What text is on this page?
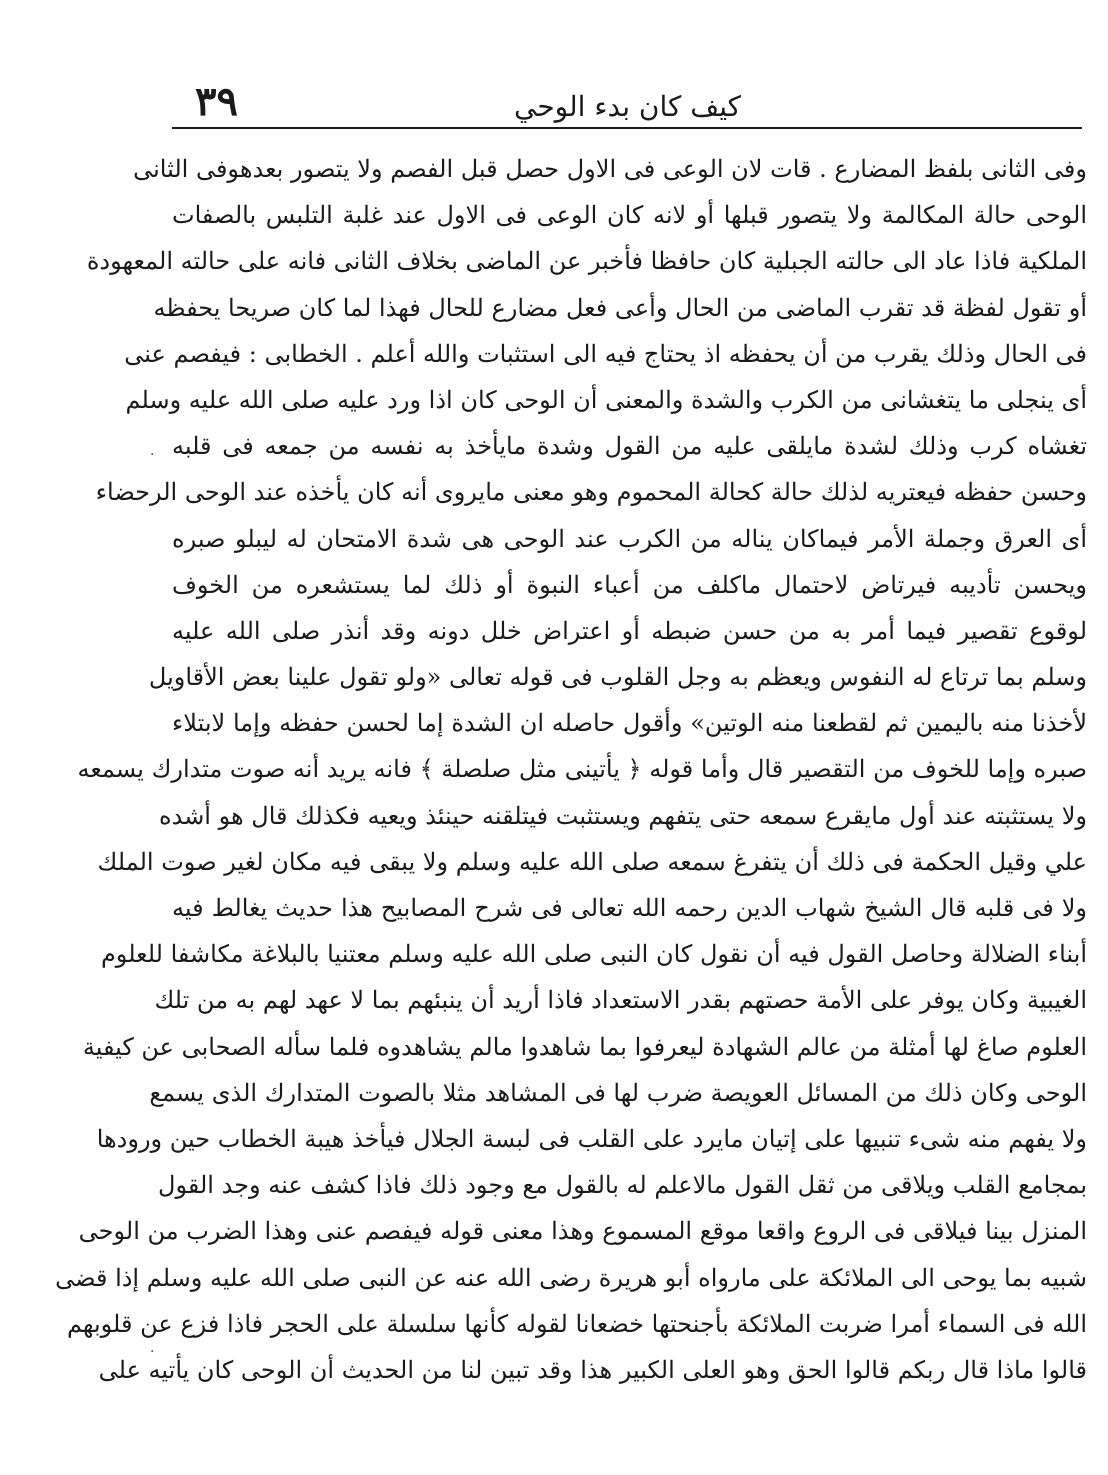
كيف كان بدء الوحي
٣٩
وفى الثانى بلفظ المضارع . قات لان الوعى فى الاول حصل قبل الفصم ولا يتصور بعدهوفى الثانى
الوحى حالة المكالمة ولا يتصور قبلها أو لانه كان الوعى فى الاول عند غلبة التلبس بالصفات
الملكية فاذا عاد الى حالته الجبلية كان حافظا فأخبر عن الماضى بخلاف الثانى فانه على حالته المعهودة
أو تقول لفظة قد تقرب الماضى من الحال وأعى فعل مضارع للحال فهذا لما كان صريحا يحفظه
فى الحال وذلك يقرب من أن يحفظه اذ يحتاج فيه الى استثبات والله أعلم . الخطابى : فيفصم عنى
أى ينجلى ما يتغشانى من الكرب والشدة والمعنى أن الوحى كان اذا ورد عليه صلى الله عليه وسلم
تغشاه كرب وذلك لشدة مايلقى عليه من القول وشدة مايأخذ به نفسه من جمعه فى قلبه
وحسن حفظه فيعتريه لذلك حالة كحالة المحموم وهو معنى مايروى أنه كان يأخذه عند الوحى الرحضاء
أى العرق وجملة الأمر فيماكان يناله من الكرب عند الوحى هى شدة الامتحان له ليبلو صبره
ويحسن تأديبه فيرتاض لاحتمال ماكلف من أعباء النبوة أو ذلك لما يستشعره من الخوف
لوقوع تقصير فيما أمر به من حسن ضبطه أو اعتراض خلل دونه وقد أنذر صلى الله عليه
وسلم بما ترتاع له النفوس ويعظم به وجل القلوب فى قوله تعالى «ولو تقول علينا بعض الأقاويل
لأخذنا منه باليمين ثم لقطعنا منه الوتين» وأقول حاصله ان الشدة إما لحسن حفظه وإما لابتلاء
صبره وإما للخوف من التقصير قال وأما قوله ﴿ يأتينى مثل صلصلة ﴾ فانه يريد أنه صوت متدارك يسمعه
ولا يستثبته عند أول مايقرع سمعه حتى يتفهم ويستثبت فيتلقنه حينئذ ويعيه فكذلك قال هو أشده
علي وقيل الحكمة فى ذلك أن يتفرغ سمعه صلى الله عليه وسلم ولا يبقى فيه مكان لغير صوت الملك
ولا فى قلبه قال الشيخ شهاب الدين رحمه الله تعالى فى شرح المصابيح هذا حديث يغالط فيه
أبناء الضلالة وحاصل القول فيه أن نقول كان النبى صلى الله عليه وسلم معتنيا بالبلاغة مكاشفا للعلوم
الغيبية وكان يوفر على الأمة حصتهم بقدر الاستعداد فاذا أريد أن ينبئهم بما لا عهد لهم به من تلك
العلوم صاغ لها أمثلة من عالم الشهادة ليعرفوا بما شاهدوا مالم يشاهدوه فلما سأله الصحابى عن كيفية
الوحى وكان ذلك من المسائل العويصة ضرب لها فى المشاهد مثلا بالصوت المتدارك الذى يسمع
ولا يفهم منه شىء تنبيها على إتيان مايرد على القلب فى لبسة الجلال فيأخذ هيبة الخطاب حين ورودها
بمجامع القلب ويلاقى من ثقل القول مالاعلم له بالقول مع وجود ذلك فاذا كشف عنه وجد القول
المنزل بينا فيلاقى فى الروع واقعا موقع المسموع وهذا معنى قوله فيفصم عنى وهذا الضرب من الوحى
شبيه بما يوحى الى الملائكة على مارواه أبو هريرة رضى الله عنه عن النبى صلى الله عليه وسلم إذا قضى
الله فى السماء أمرا ضربت الملائكة بأجنحتها خضعانا لقوله كأنها سلسلة على الحجر فاذا فزع عن قلوبهم
قالوا ماذا قال ربكم قالوا الحق وهو العلى الكبير هذا وقد تبين لنا من الحديث أن الوحى كان يأتيه على
·
·
